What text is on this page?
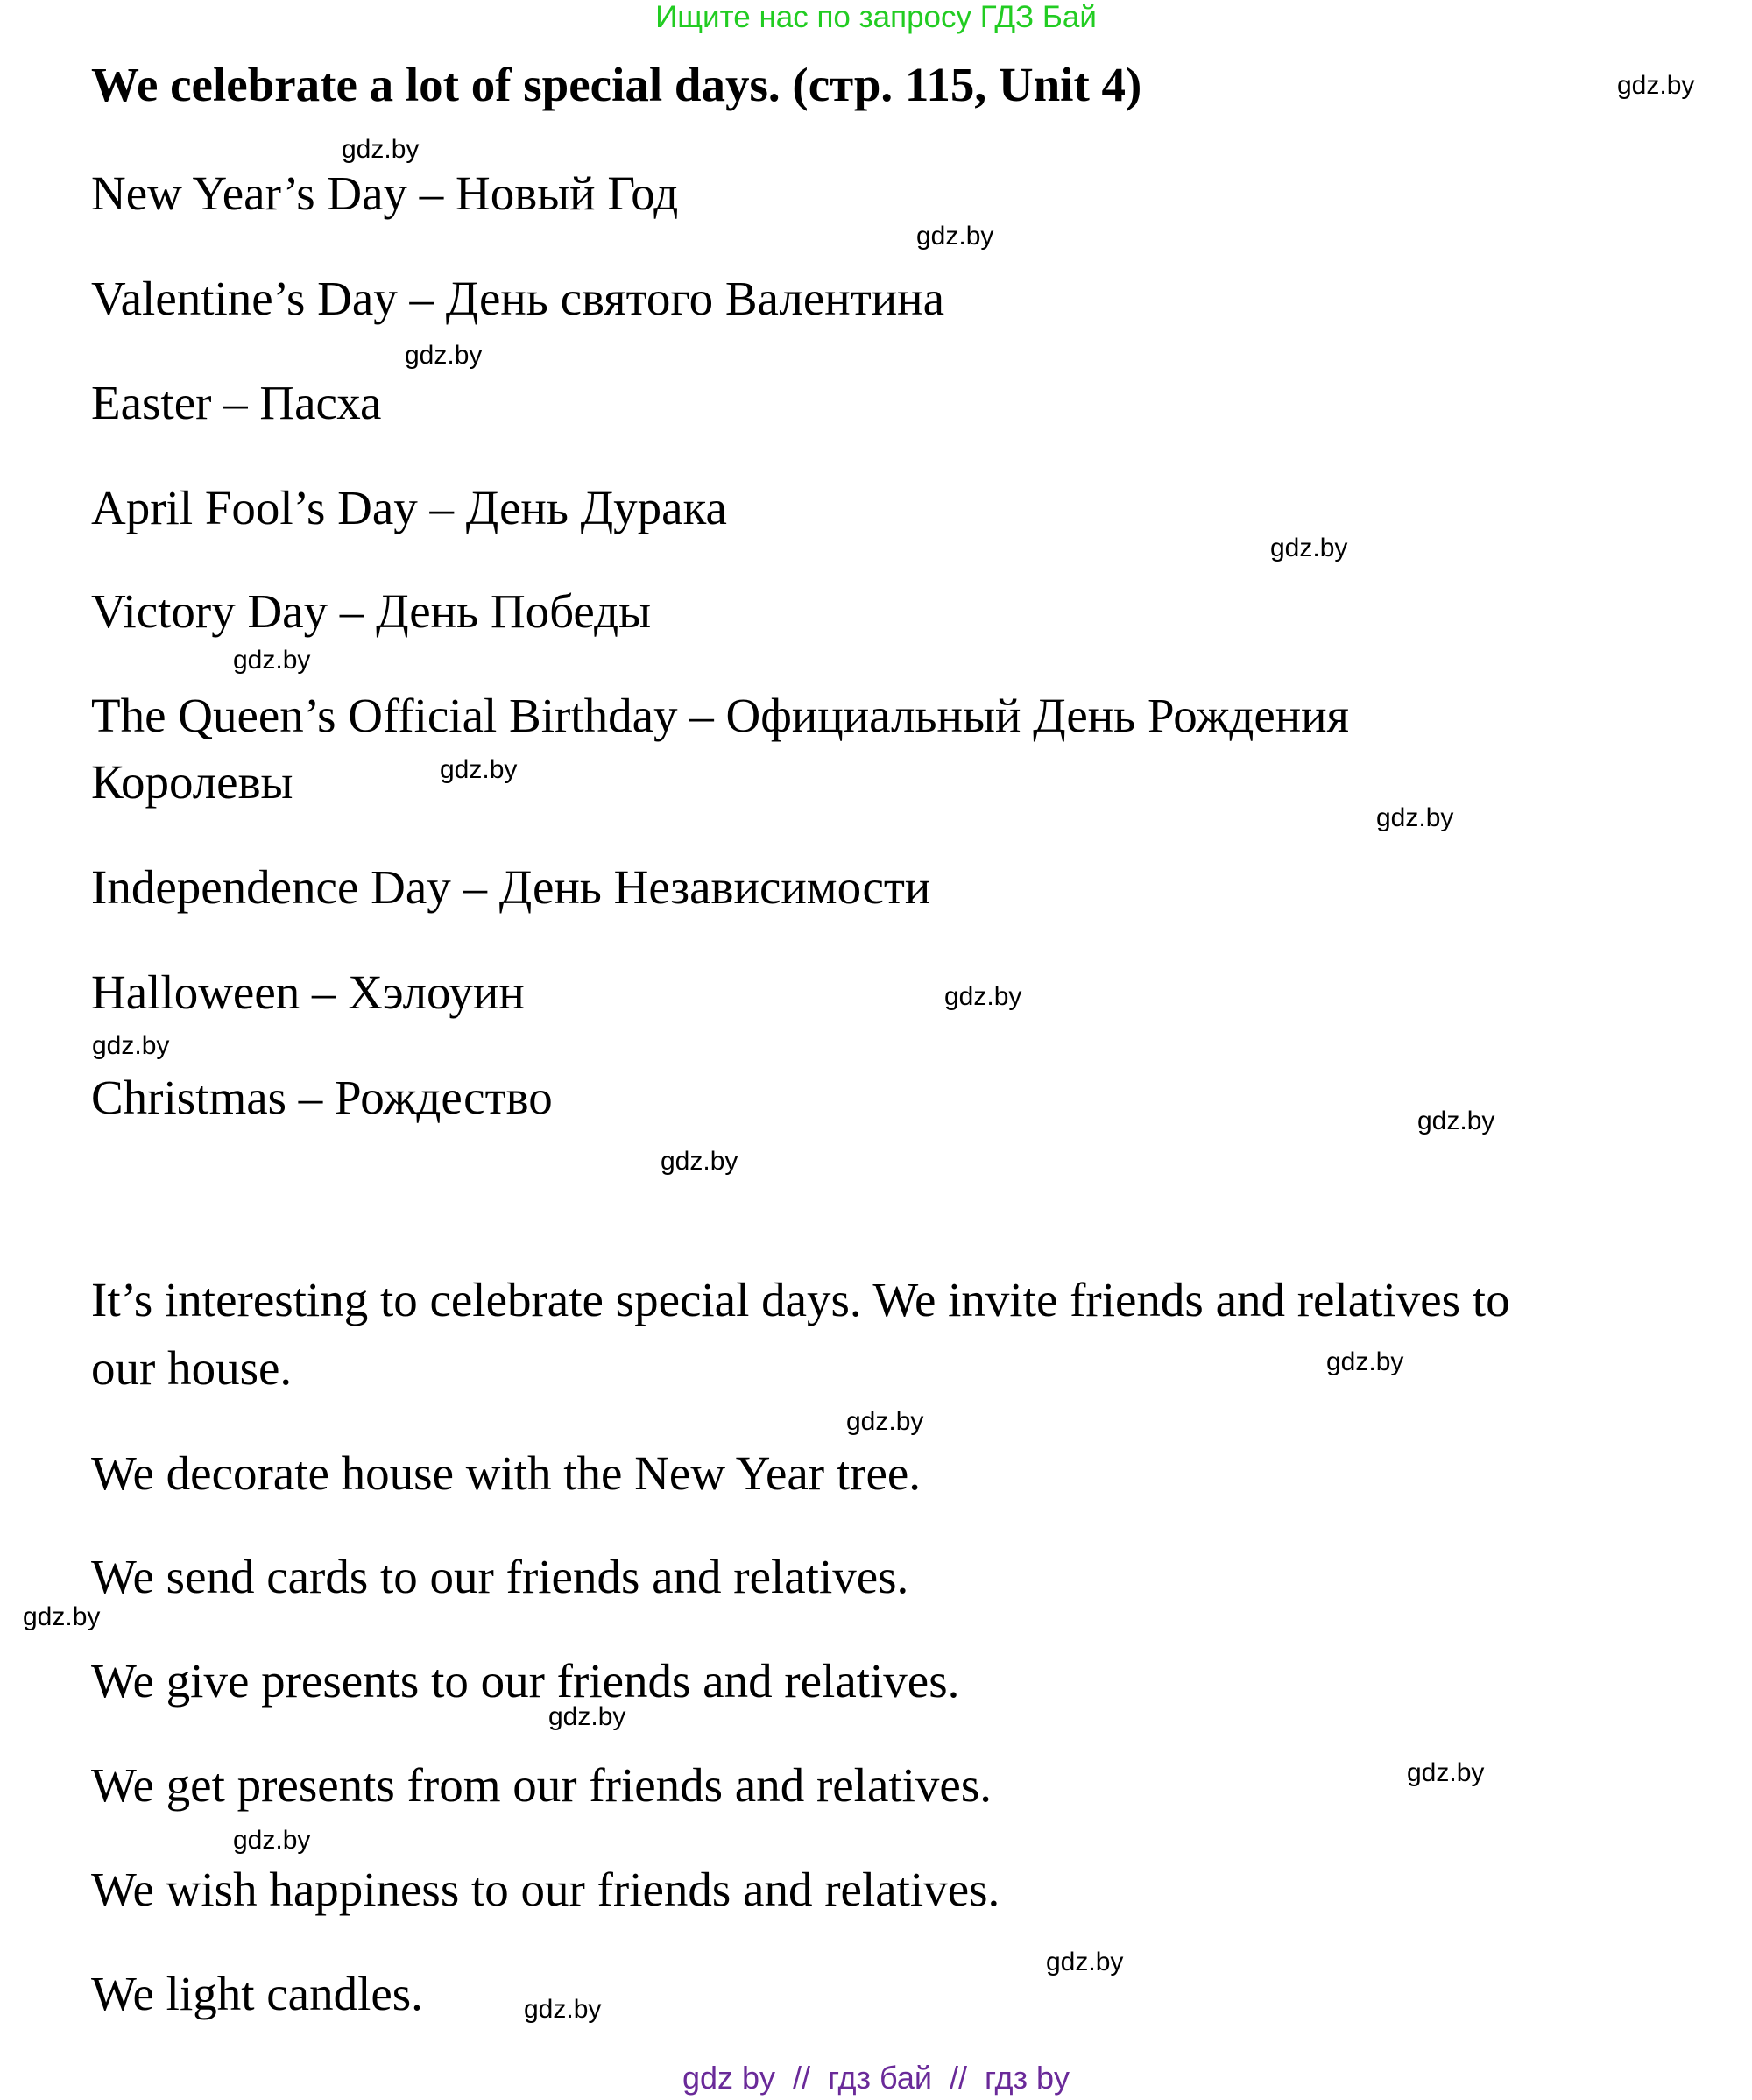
Ищите нас по запросу ГДЗ Бай
We celebrate a lot of special days. (стр. 115, Unit 4)
New Year’s Day – Новый Год
Valentine’s Day – День святого Валентина
Easter – Пасха
April Fool’s Day – День Дурака
Victory Day – День Победы
The Queen’s Official Birthday – Официальный День Рождения
Королевы
Independence Day – День Независимости
Halloween – Хэлоуин
Christmas – Рождество
It’s interesting to celebrate special days. We invite friends and relatives to
our house.
We decorate house with the New Year tree.
We send cards to our friends and relatives.
We give presents to our friends and relatives.
We get presents from our friends and relatives.
We wish happiness to our friends and relatives.
We light candles.
gdz.by
gdz.by
gdz.by
gdz.by
gdz.by
gdz.by
gdz.by
gdz.by
gdz.by
gdz.by
gdz.by
gdz.by
gdz.by
gdz.by
gdz.by
gdz.by
gdz.by
gdz.by
gdz.by
gdz.by
gdz by  //  гдз бай  //  гдз by
